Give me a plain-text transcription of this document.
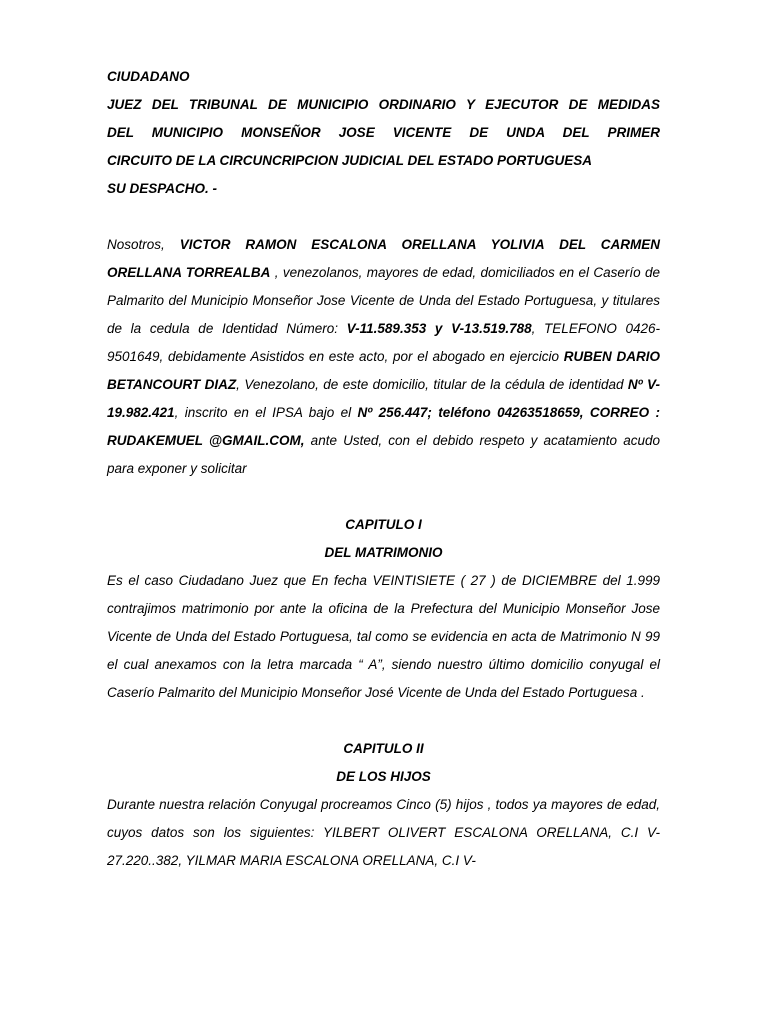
CIUDADANO
JUEZ DEL TRIBUNAL DE MUNICIPIO ORDINARIO Y EJECUTOR DE MEDIDAS
DEL MUNICIPIO MONSEÑOR JOSE VICENTE DE UNDA DEL PRIMER
CIRCUITO DE LA CIRCUNCRIPCION JUDICIAL DEL ESTADO PORTUGUESA
SU DESPACHO. -

Nosotros, VICTOR RAMON ESCALONA ORELLANA YOLIVIA DEL CARMEN ORELLANA TORREALBA , venezolanos, mayores de edad, domiciliados en el Caserío de Palmarito del Municipio Monseñor Jose Vicente de Unda del Estado Portuguesa, y titulares de la cedula de Identidad Número: V-11.589.353 y V-13.519.788, TELEFONO 0426-9501649, debidamente Asistidos en este acto, por el abogado en ejercicio RUBEN DARIO BETANCOURT DIAZ, Venezolano, de este domicilio, titular de la cédula de identidad Nº V-19.982.421, inscrito en el IPSA bajo el Nº 256.447; teléfono 04263518659, CORREO : RUDAKEMUEL @GMAIL.COM, ante Usted, con el debido respeto y acatamiento acudo para exponer y solicitar

CAPITULO I
DEL MATRIMONIO

Es el caso Ciudadano Juez que En fecha VEINTISIETE ( 27 ) de DICIEMBRE del 1.999 contrajimos matrimonio por ante la oficina de la Prefectura del Municipio Monseñor Jose Vicente de Unda del Estado Portuguesa, tal como se evidencia en acta de Matrimonio N 99 el cual anexamos con la letra marcada “ A”, siendo nuestro último domicilio conyugal el Caserío Palmarito del Municipio Monseñor José Vicente de Unda del Estado Portuguesa .

CAPITULO II
DE LOS HIJOS

Durante nuestra relación Conyugal procreamos Cinco (5) hijos , todos ya mayores de edad, cuyos datos son los siguientes: YILBERT OLIVERT ESCALONA ORELLANA, C.I V- 27.220..382, YILMAR MARIA ESCALONA ORELLANA, C.I V-
